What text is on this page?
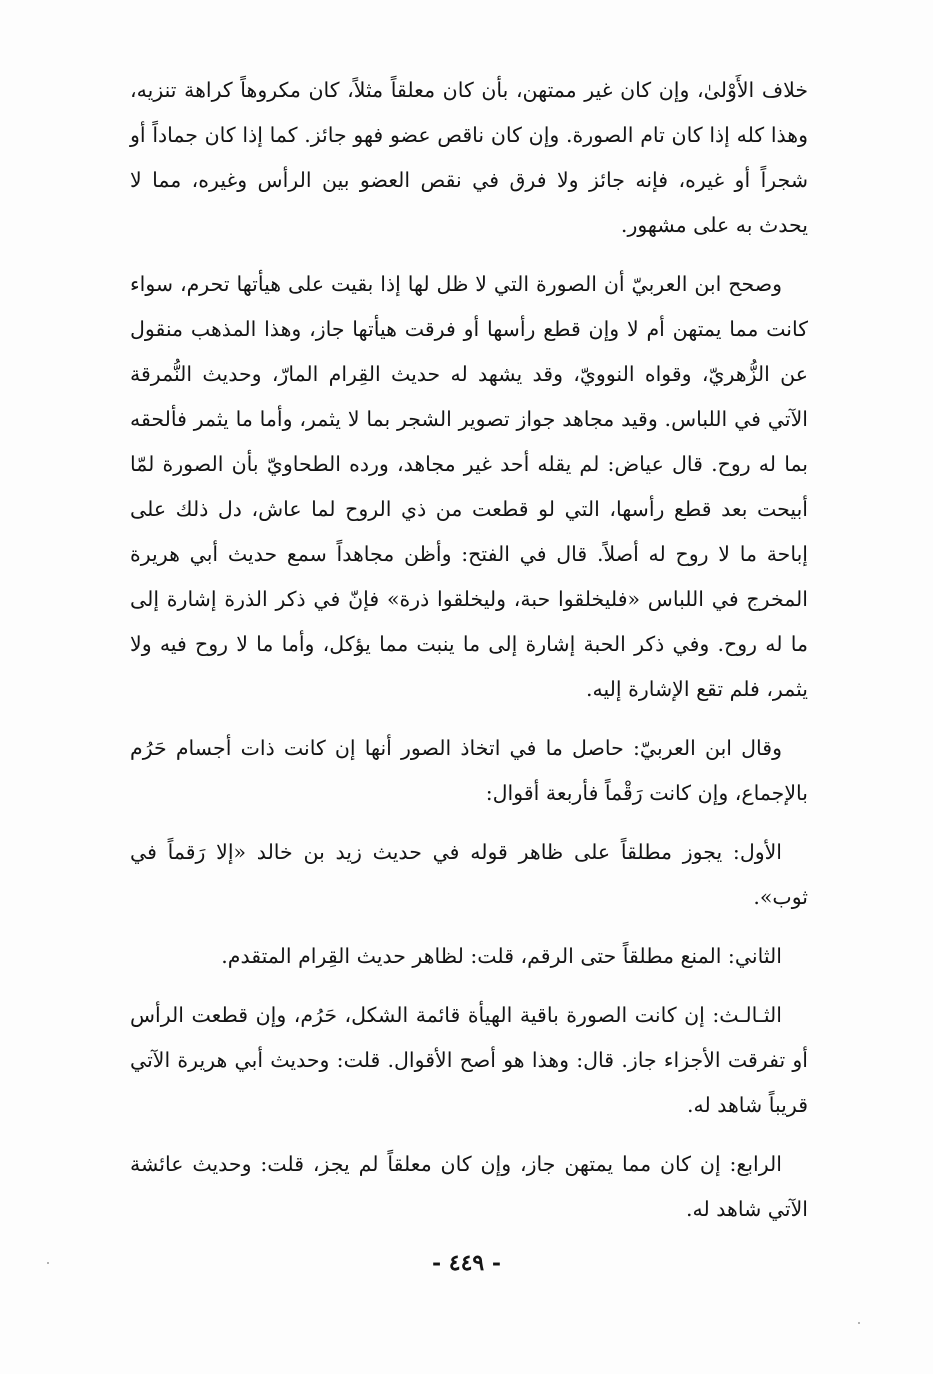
خلاف الأَوْلىٰ، وإن كان غير ممتهن، بأن كان معلقاً مثلاً، كان مكروهاً كراهة تنزيه، وهذا كله إذا كان تام الصورة. وإن كان ناقص عضو فهو جائز. كما إذا كان جماداً أو شجراً أو غيره، فإنه جائز ولا فرق في نقص العضو بين الرأس وغيره، مما لا يحدث به على مشهور.

وصحح ابن العربيّ أن الصورة التي لا ظل لها إذا بقيت على هيأتها تحرم، سواء كانت مما يمتهن أم لا وإن قطع رأسها أو فرقت هيأتها جاز، وهذا المذهب منقول عن الزُّهريّ، وقواه النوويّ، وقد يشهد له حديث القِرام المارّ، وحديث النُّمرقة الآتي في اللباس. وقيد مجاهد جواز تصوير الشجر بما لا يثمر، وأما ما يثمر فألحقه بما له روح. قال عياض: لم يقله أحد غير مجاهد، ورده الطحاويّ بأن الصورة لمّا أبيحت بعد قطع رأسها، التي لو قطعت من ذي الروح لما عاش، دل ذلك على إباحة ما لا روح له أصلاً. قال في الفتح: وأظن مجاهداً سمع حديث أبي هريرة المخرج في اللباس «فليخلقوا حبة، وليخلقوا ذرة» فإنّ في ذكر الذرة إشارة إلى ما له روح. وفي ذكر الحبة إشارة إلى ما ينبت مما يؤكل، وأما ما لا روح فيه ولا يثمر، فلم تقع الإشارة إليه.

وقال ابن العربيّ: حاصل ما في اتخاذ الصور أنها إن كانت ذات أجسام حَرُم بالإجماع، وإن كانت رَقْماً فأربعة أقوال:

الأول: يجوز مطلقاً على ظاهر قوله في حديث زيد بن خالد «إلا رَقماً في ثوب».

الثاني: المنع مطلقاً حتى الرقم، قلت: لظاهر حديث القِرام المتقدم.

الثـالـث: إن كانت الصورة باقية الهيأة قائمة الشكل، حَرُم، وإن قطعت الرأس أو تفرقت الأجزاء جاز. قال: وهذا هو أصح الأقوال. قلت: وحديث أبي هريرة الآتي قريباً شاهد له.

الرابع: إن كان مما يمتهن جاز، وإن كان معلقاً لم يجز، قلت: وحديث عائشة الآتي شاهد له.

- ٤٤٩ -
